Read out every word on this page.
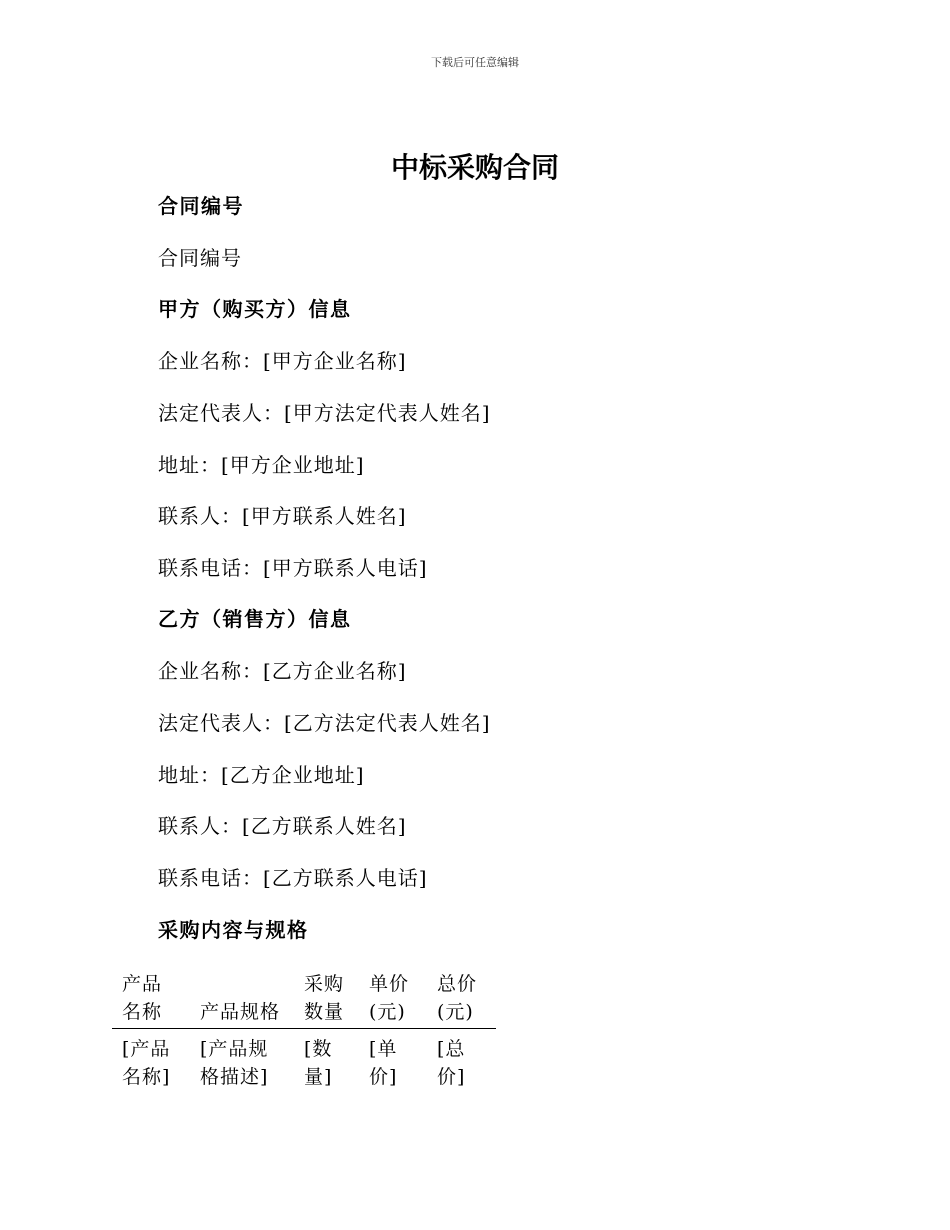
下载后可任意编辑
中标采购合同
合同编号
合同编号
甲方（购买方）信息
企业名称：[甲方企业名称]
法定代表人：[甲方法定代表人姓名]
地址：[甲方企业地址]
联系人：[甲方联系人姓名]
联系电话：[甲方联系人电话]
乙方（销售方）信息
企业名称：[乙方企业名称]
法定代表人：[乙方法定代表人姓名]
地址：[乙方企业地址]
联系人：[乙方联系人姓名]
联系电话：[乙方联系人电话]
采购内容与规格
产品
名称
	产品规格
采购
数量
单价
(元)
总价
(元)
[产品
名称]
[产品规
格描述]
[数
量]
[单
价]
[总
价]
